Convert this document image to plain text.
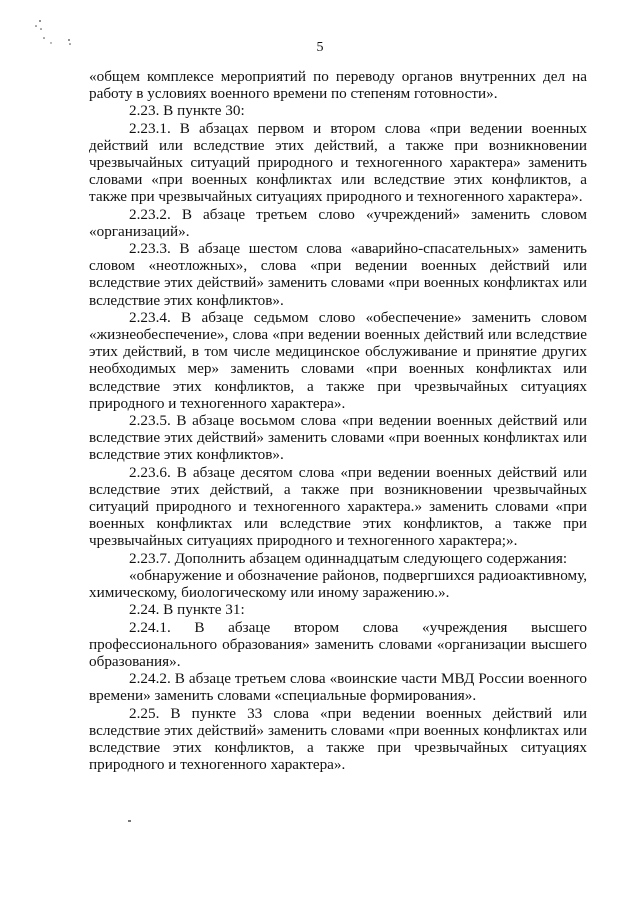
5

«общем комплексе мероприятий по переводу органов внутренних дел на работу в условиях военного времени по степеням готовности».

2.23. В пункте 30:

2.23.1. В абзацах первом и втором слова «при ведении военных действий или вследствие этих действий, а также при возникновении чрезвычайных ситуаций природного и техногенного характера» заменить словами «при военных конфликтах или вследствие этих конфликтов, а также при чрезвычайных ситуациях природного и техногенного характера».

2.23.2. В абзаце третьем слово «учреждений» заменить словом «организаций».

2.23.3. В абзаце шестом слова «аварийно-спасательных» заменить словом «неотложных», слова «при ведении военных действий или вследствие этих действий» заменить словами «при военных конфликтах или вследствие этих конфликтов».

2.23.4. В абзаце седьмом слово «обеспечение» заменить словом «жизнеобеспечение», слова «при ведении военных действий или вследствие этих действий, в том числе медицинское обслуживание и принятие других необходимых мер» заменить словами «при военных конфликтах или вследствие этих конфликтов, а также при чрезвычайных ситуациях природного и техногенного характера».

2.23.5. В абзаце восьмом слова «при ведении военных действий или вследствие этих действий» заменить словами «при военных конфликтах или вследствие этих конфликтов».

2.23.6. В абзаце десятом слова «при ведении военных действий или вследствие этих действий, а также при возникновении чрезвычайных ситуаций природного и техногенного характера.» заменить словами «при военных конфликтах или вследствие этих конфликтов, а также при чрезвычайных ситуациях природного и техногенного характера;».

2.23.7. Дополнить абзацем одиннадцатым следующего содержания:

«обнаружение и обозначение районов, подвергшихся радиоактивному, химическому, биологическому или иному заражению.».

2.24. В пункте 31:

2.24.1. В абзаце втором слова «учреждения высшего профессионального образования» заменить словами «организации высшего образования».

2.24.2. В абзаце третьем слова «воинские части МВД России военного времени» заменить словами «специальные формирования».

2.25. В пункте 33 слова «при ведении военных действий или вследствие этих действий» заменить словами «при военных конфликтах или вследствие этих конфликтов, а также при чрезвычайных ситуациях природного и техногенного характера».
